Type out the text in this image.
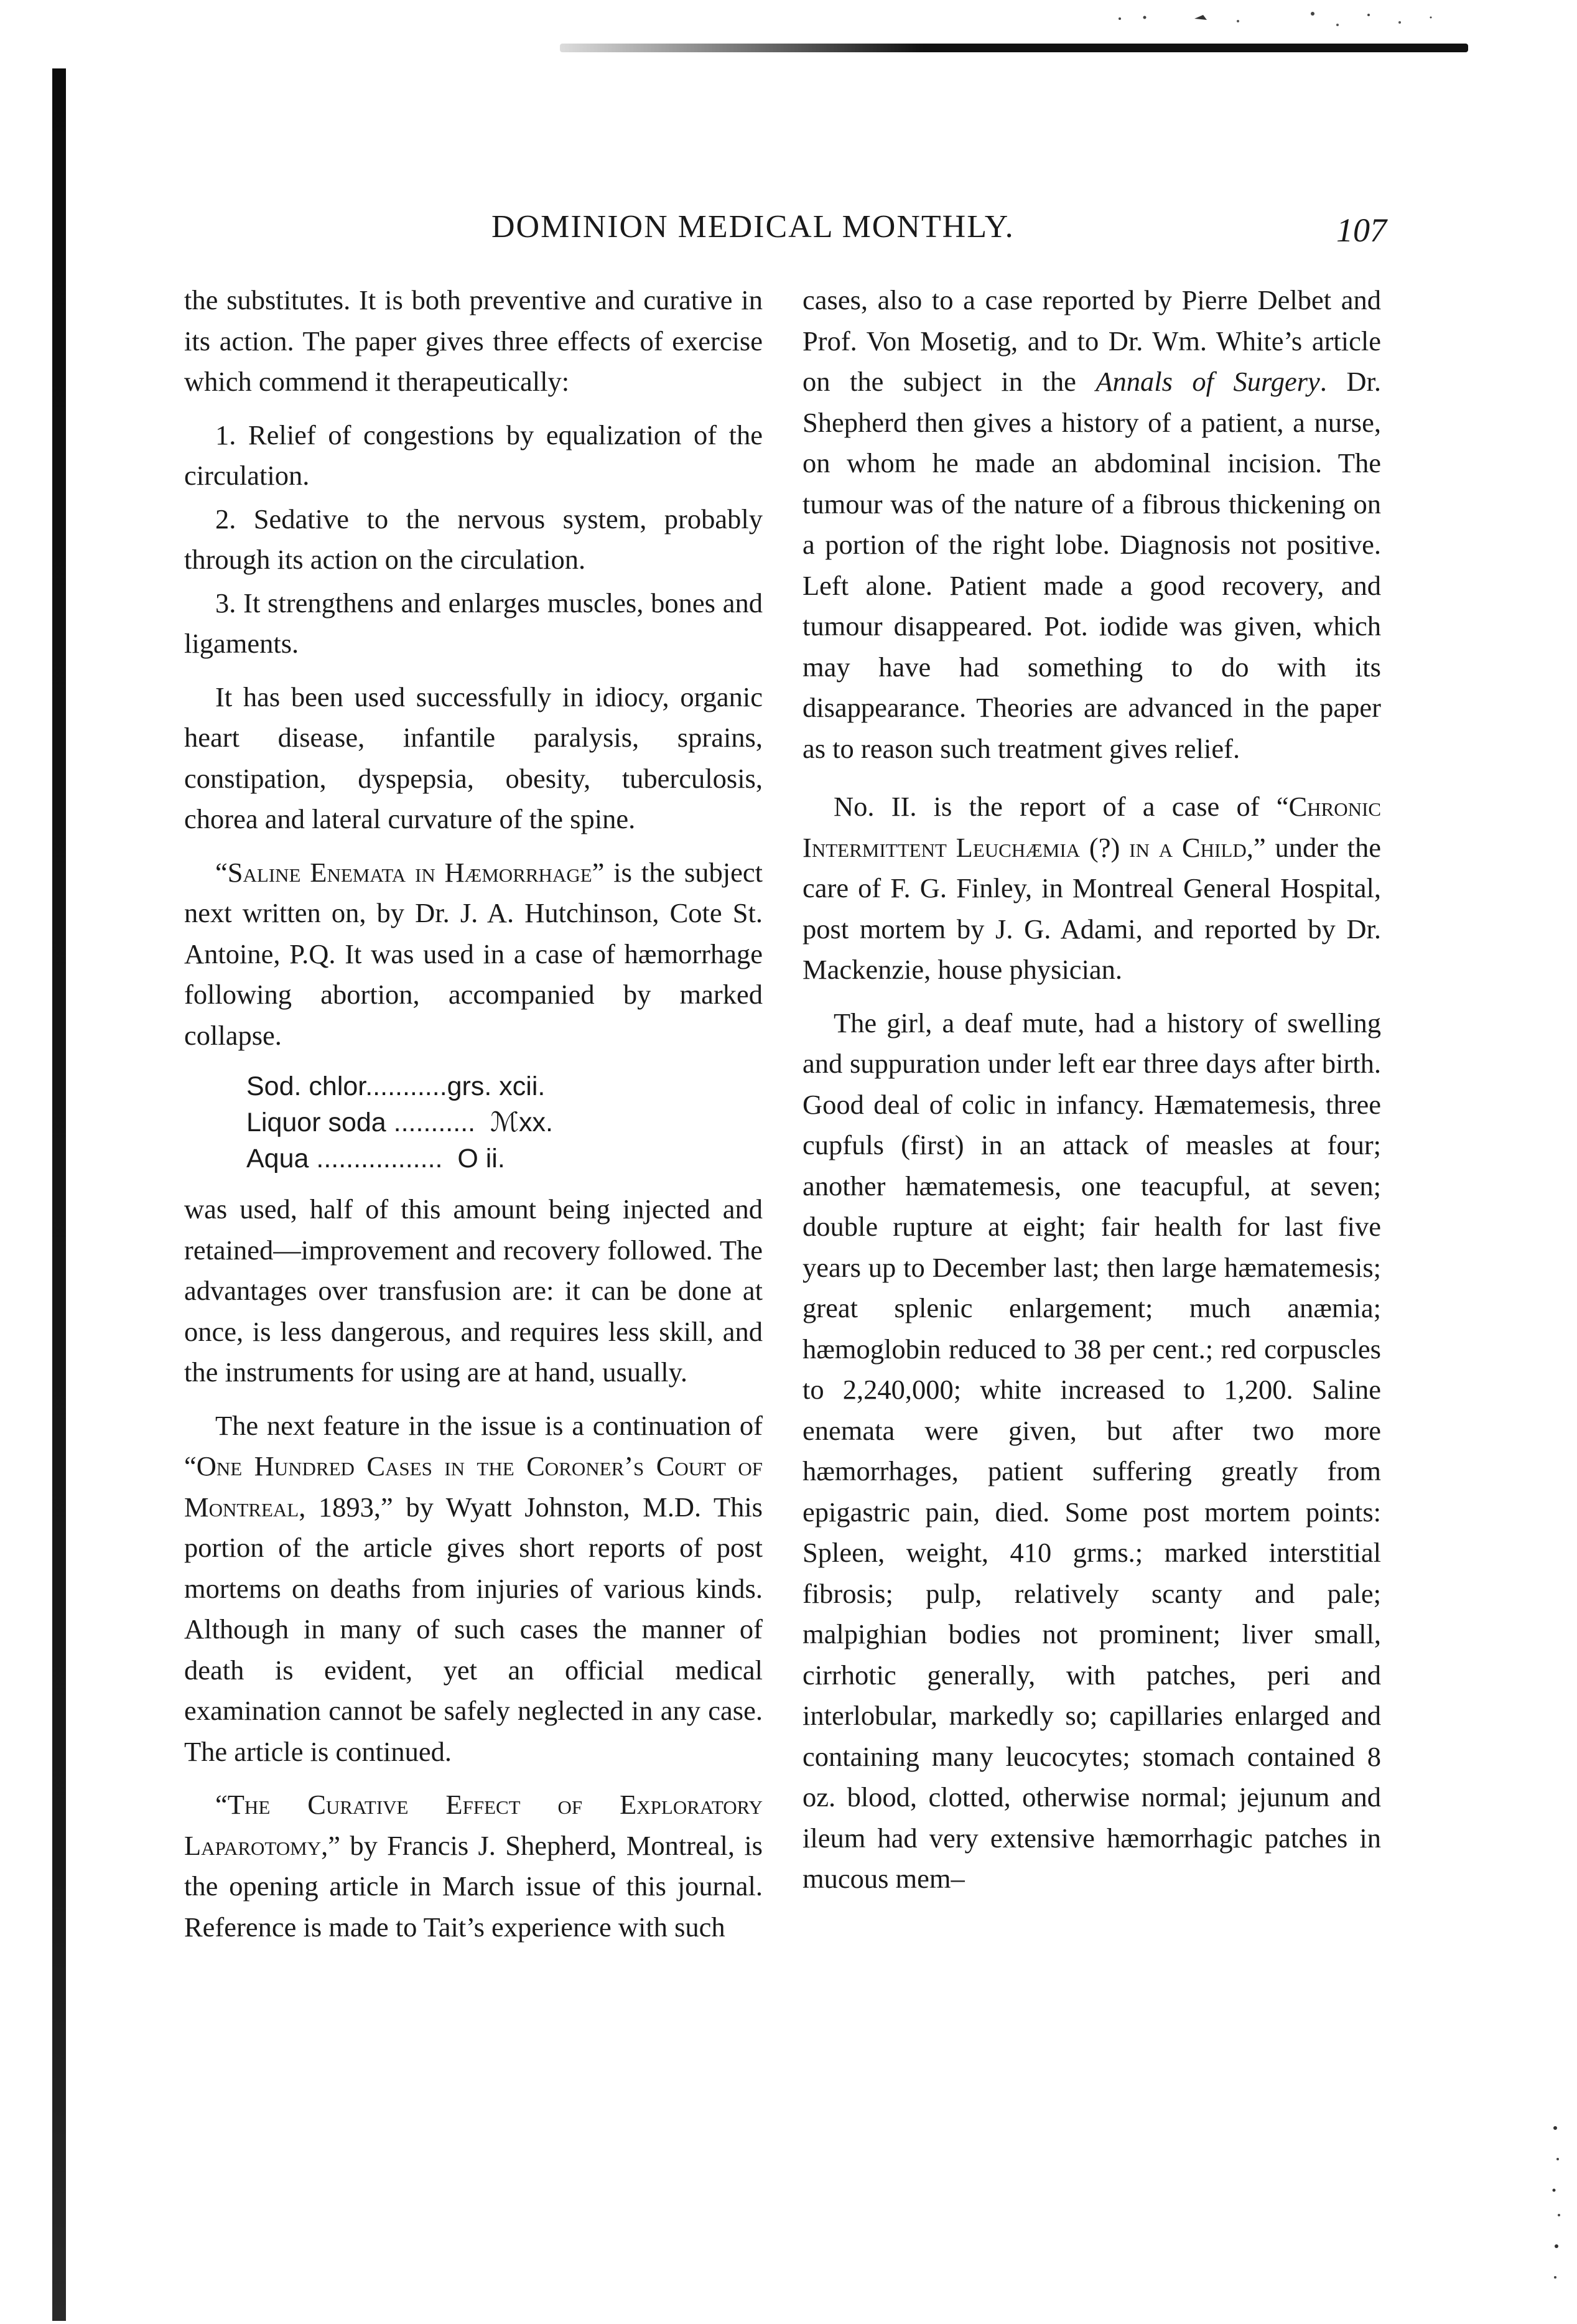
DOMINION MEDICAL MONTHLY.	107

the substitutes. It is both preventive and curative in its action. The paper gives three effects of exercise which commend it therapeutically:

1. Relief of congestions by equalization of the circulation.

2. Sedative to the nervous system, probably through its action on the circulation.

3. It strengthens and enlarges muscles, bones and ligaments.

It has been used successfully in idiocy, organic heart disease, infantile paralysis, sprains, constipation, dyspepsia, obesity, tuberculosis, chorea and lateral curvature of the spine.

“Saline Enemata in Hæmorrhage” is the subject next written on, by Dr. J. A. Hutchinson, Cote St. Antoine, P.Q. It was used in a case of hæmorrhage following abortion, accompanied by marked collapse.

Sod. chlor...........grs. xcii.
Liquor soda ...........  ℳxx.
Aqua .................  O ii.

was used, half of this amount being injected and retained—improvement and recovery followed. The advantages over transfusion are: it can be done at once, is less dangerous, and requires less skill, and the instruments for using are at hand, usually.

The next feature in the issue is a continuation of “One Hundred Cases in the Coroner’s Court of Montreal, 1893,” by Wyatt Johnston, M.D. This portion of the article gives short reports of post mortems on deaths from injuries of various kinds. Although in many of such cases the manner of death is evident, yet an official medical examination cannot be safely neglected in any case. The article is continued.

“The Curative Effect of Exploratory Laparotomy,” by Francis J. Shepherd, Montreal, is the opening article in March issue of this journal. Reference is made to Tait’s experience with such

cases, also to a case reported by Pierre Delbet and Prof. Von Mosetig, and to Dr. Wm. White’s article on the subject in the Annals of Surgery. Dr. Shepherd then gives a history of a patient, a nurse, on whom he made an abdominal incision. The tumour was of the nature of a fibrous thickening on a portion of the right lobe. Diagnosis not positive. Left alone. Patient made a good recovery, and tumour disappeared. Pot. iodide was given, which may have had something to do with its disappearance. Theories are advanced in the paper as to reason such treatment gives relief.

No. II. is the report of a case of “Chronic Intermittent Leuchæmia (?) in a Child,” under the care of F. G. Finley, in Montreal General Hospital, post mortem by J. G. Adami, and reported by Dr. Mackenzie, house physician.

The girl, a deaf mute, had a history of swelling and suppuration under left ear three days after birth. Good deal of colic in infancy. Hæmatemesis, three cupfuls (first) in an attack of measles at four; another hæmatemesis, one teacupful, at seven; double rupture at eight; fair health for last five years up to December last; then large hæmatemesis; great splenic enlargement; much anæmia; hæmoglobin reduced to 38 per cent.; red corpuscles to 2,240,000; white increased to 1,200. Saline enemata were given, but after two more hæmorrhages, patient suffering greatly from epigastric pain, died. Some post mortem points: Spleen, weight, 410 grms.; marked interstitial fibrosis; pulp, relatively scanty and pale; malpighian bodies not prominent; liver small, cirrhotic generally, with patches, peri and interlobular, markedly so; capillaries enlarged and containing many leucocytes; stomach contained 8 oz. blood, clotted, otherwise normal; jejunum and ileum had very extensive hæmorrhagic patches in mucous mem–
